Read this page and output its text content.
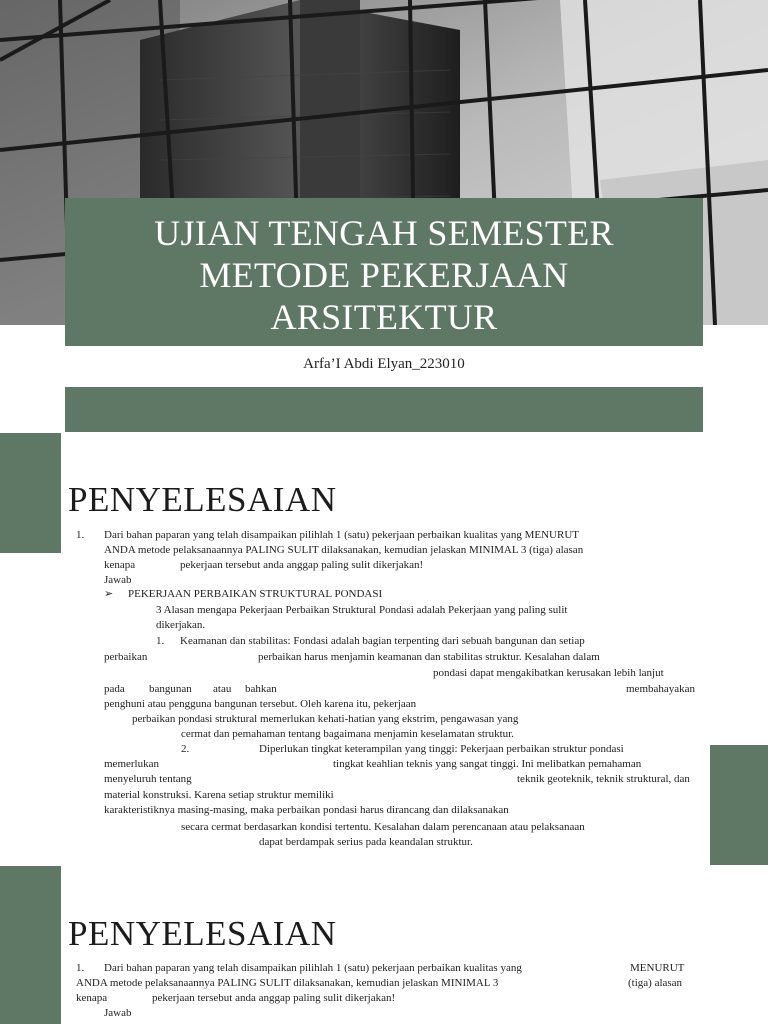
UJIAN TENGAH SEMESTER
METODE PEKERJAAN
ARSITEKTUR
Arfa’I Abdi Elyan_223010
PENYELESAIAN
1. Dari bahan paparan yang telah disampaikan pilihlah 1 (satu) pekerjaan perbaikan kualitas yang MENURUT
ANDA metode pelaksanaannya PALING SULIT dilaksanakan, kemudian jelaskan MINIMAL 3 (tiga) alasan
kenapa	pekerjaan tersebut anda anggap paling sulit dikerjakan!
Jawab
➢ PEKERJAAN PERBAIKAN STRUKTURAL PONDASI
3 Alasan mengapa Pekerjaan Perbaikan Struktural Pondasi adalah Pekerjaan yang paling sulit
dikerjakan.
1. Keamanan dan stabilitas: Fondasi adalah bagian terpenting dari sebuah bangunan dan setiap
perbaikan	perbaikan harus menjamin keamanan dan stabilitas struktur. Kesalahan dalam
pondasi dapat mengakibatkan kerusakan lebih lanjut
pada bangunan atau bahkan	membahayakan
penghuni atau pengguna bangunan tersebut. Oleh karena itu, pekerjaan
perbaikan pondasi struktural memerlukan kehati-hatian yang ekstrim, pengawasan yang
cermat dan pemahaman tentang bagaimana menjamin keselamatan struktur.
2.	Diperlukan tingkat keterampilan yang tinggi: Pekerjaan perbaikan struktur pondasi
memerlukan	tingkat keahlian teknis yang sangat tinggi. Ini melibatkan pemahaman
menyeluruh tentang	teknik geoteknik, teknik struktural, dan
material konstruksi. Karena setiap struktur memiliki
karakteristiknya masing-masing, maka perbaikan pondasi harus dirancang dan dilaksanakan
secara cermat berdasarkan kondisi tertentu. Kesalahan dalam perencanaan atau pelaksanaan
dapat berdampak serius pada keandalan struktur.
PENYELESAIAN
1. Dari bahan paparan yang telah disampaikan pilihlah 1 (satu) pekerjaan perbaikan kualitas yang	MENURUT
ANDA metode pelaksanaannya PALING SULIT dilaksanakan, kemudian jelaskan MINIMAL 3	(tiga) alasan
kenapa	pekerjaan tersebut anda anggap paling sulit dikerjakan!
Jawab
